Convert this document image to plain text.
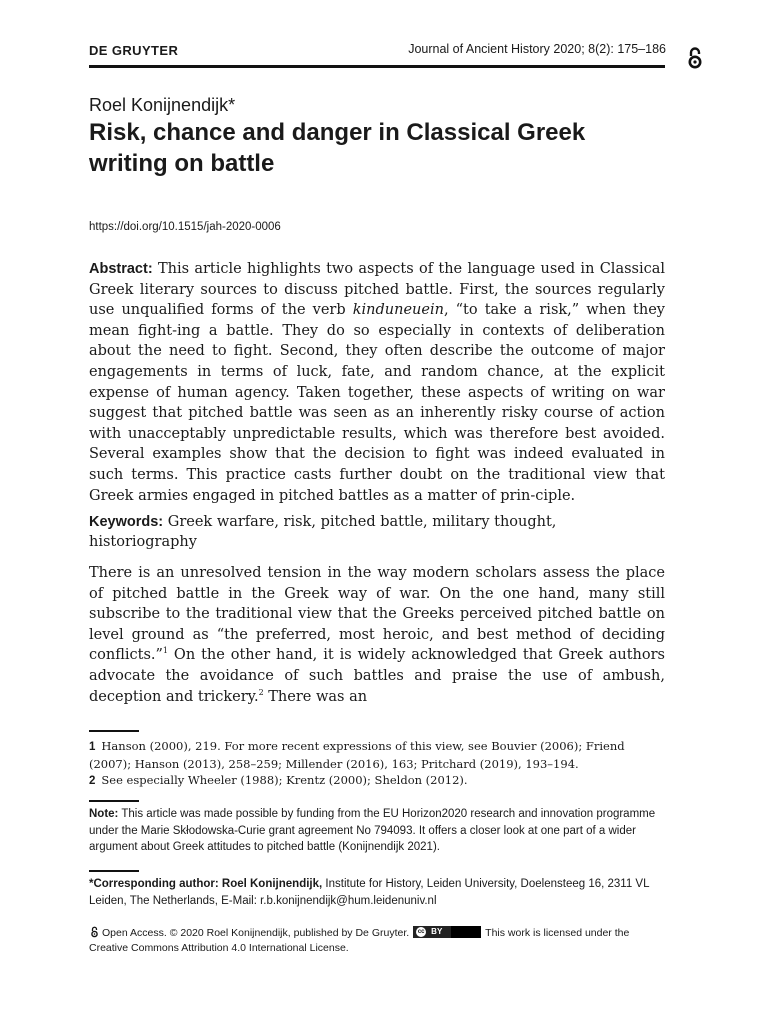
DE GRUYTER	Journal of Ancient History 2020; 8(2): 175–186
Roel Konijnendijk*
Risk, chance and danger in Classical Greek writing on battle
https://doi.org/10.1515/jah-2020-0006

Abstract: This article highlights two aspects of the language used in Classical Greek literary sources to discuss pitched battle. First, the sources regularly use unqualified forms of the verb kinduneuein, “to take a risk,” when they mean fight-ing a battle. They do so especially in contexts of deliberation about the need to fight. Second, they often describe the outcome of major engagements in terms of luck, fate, and random chance, at the explicit expense of human agency. Taken together, these aspects of writing on war suggest that pitched battle was seen as an inherently risky course of action with unacceptably unpredictable results, which was therefore best avoided. Several examples show that the decision to fight was indeed evaluated in such terms. This practice casts further doubt on the traditional view that Greek armies engaged in pitched battles as a matter of prin-ciple.

Keywords: Greek warfare, risk, pitched battle, military thought, historiography

There is an unresolved tension in the way modern scholars assess the place of pitched battle in the Greek way of war. On the one hand, many still subscribe to the traditional view that the Greeks perceived pitched battle on level ground as “the preferred, most heroic, and best method of deciding conflicts.”$^1$ On the other hand, it is widely acknowledged that Greek authors advocate the avoidance of such battles and praise the use of ambush, deception and trickery.$^2$ There was an

1 Hanson (2000), 219. For more recent expressions of this view, see Bouvier (2006); Friend (2007); Hanson (2013), 258–259; Millender (2016), 163; Pritchard (2019), 193–194.

2 See especially Wheeler (1988); Krentz (2000); Sheldon (2012).

Note: This article was made possible by funding from the EU Horizon2020 research and innovation programme under the Marie Skłodowska-Curie grant agreement No 794093. It offers a closer look at one part of a wider argument about Greek attitudes to pitched battle (Konijnendijk 2021).

*Corresponding author: Roel Konijnendijk, Institute for History, Leiden University, Doelensteeg 16, 2311 VL Leiden, The Netherlands, E-Mail: r.b.konijnendijk@hum.leidenuniv.nl

Open Access. © 2020 Roel Konijnendijk, published by De Gruyter. cc BY	This work is licensed under the Creative Commons Attribution 4.0 International License.
